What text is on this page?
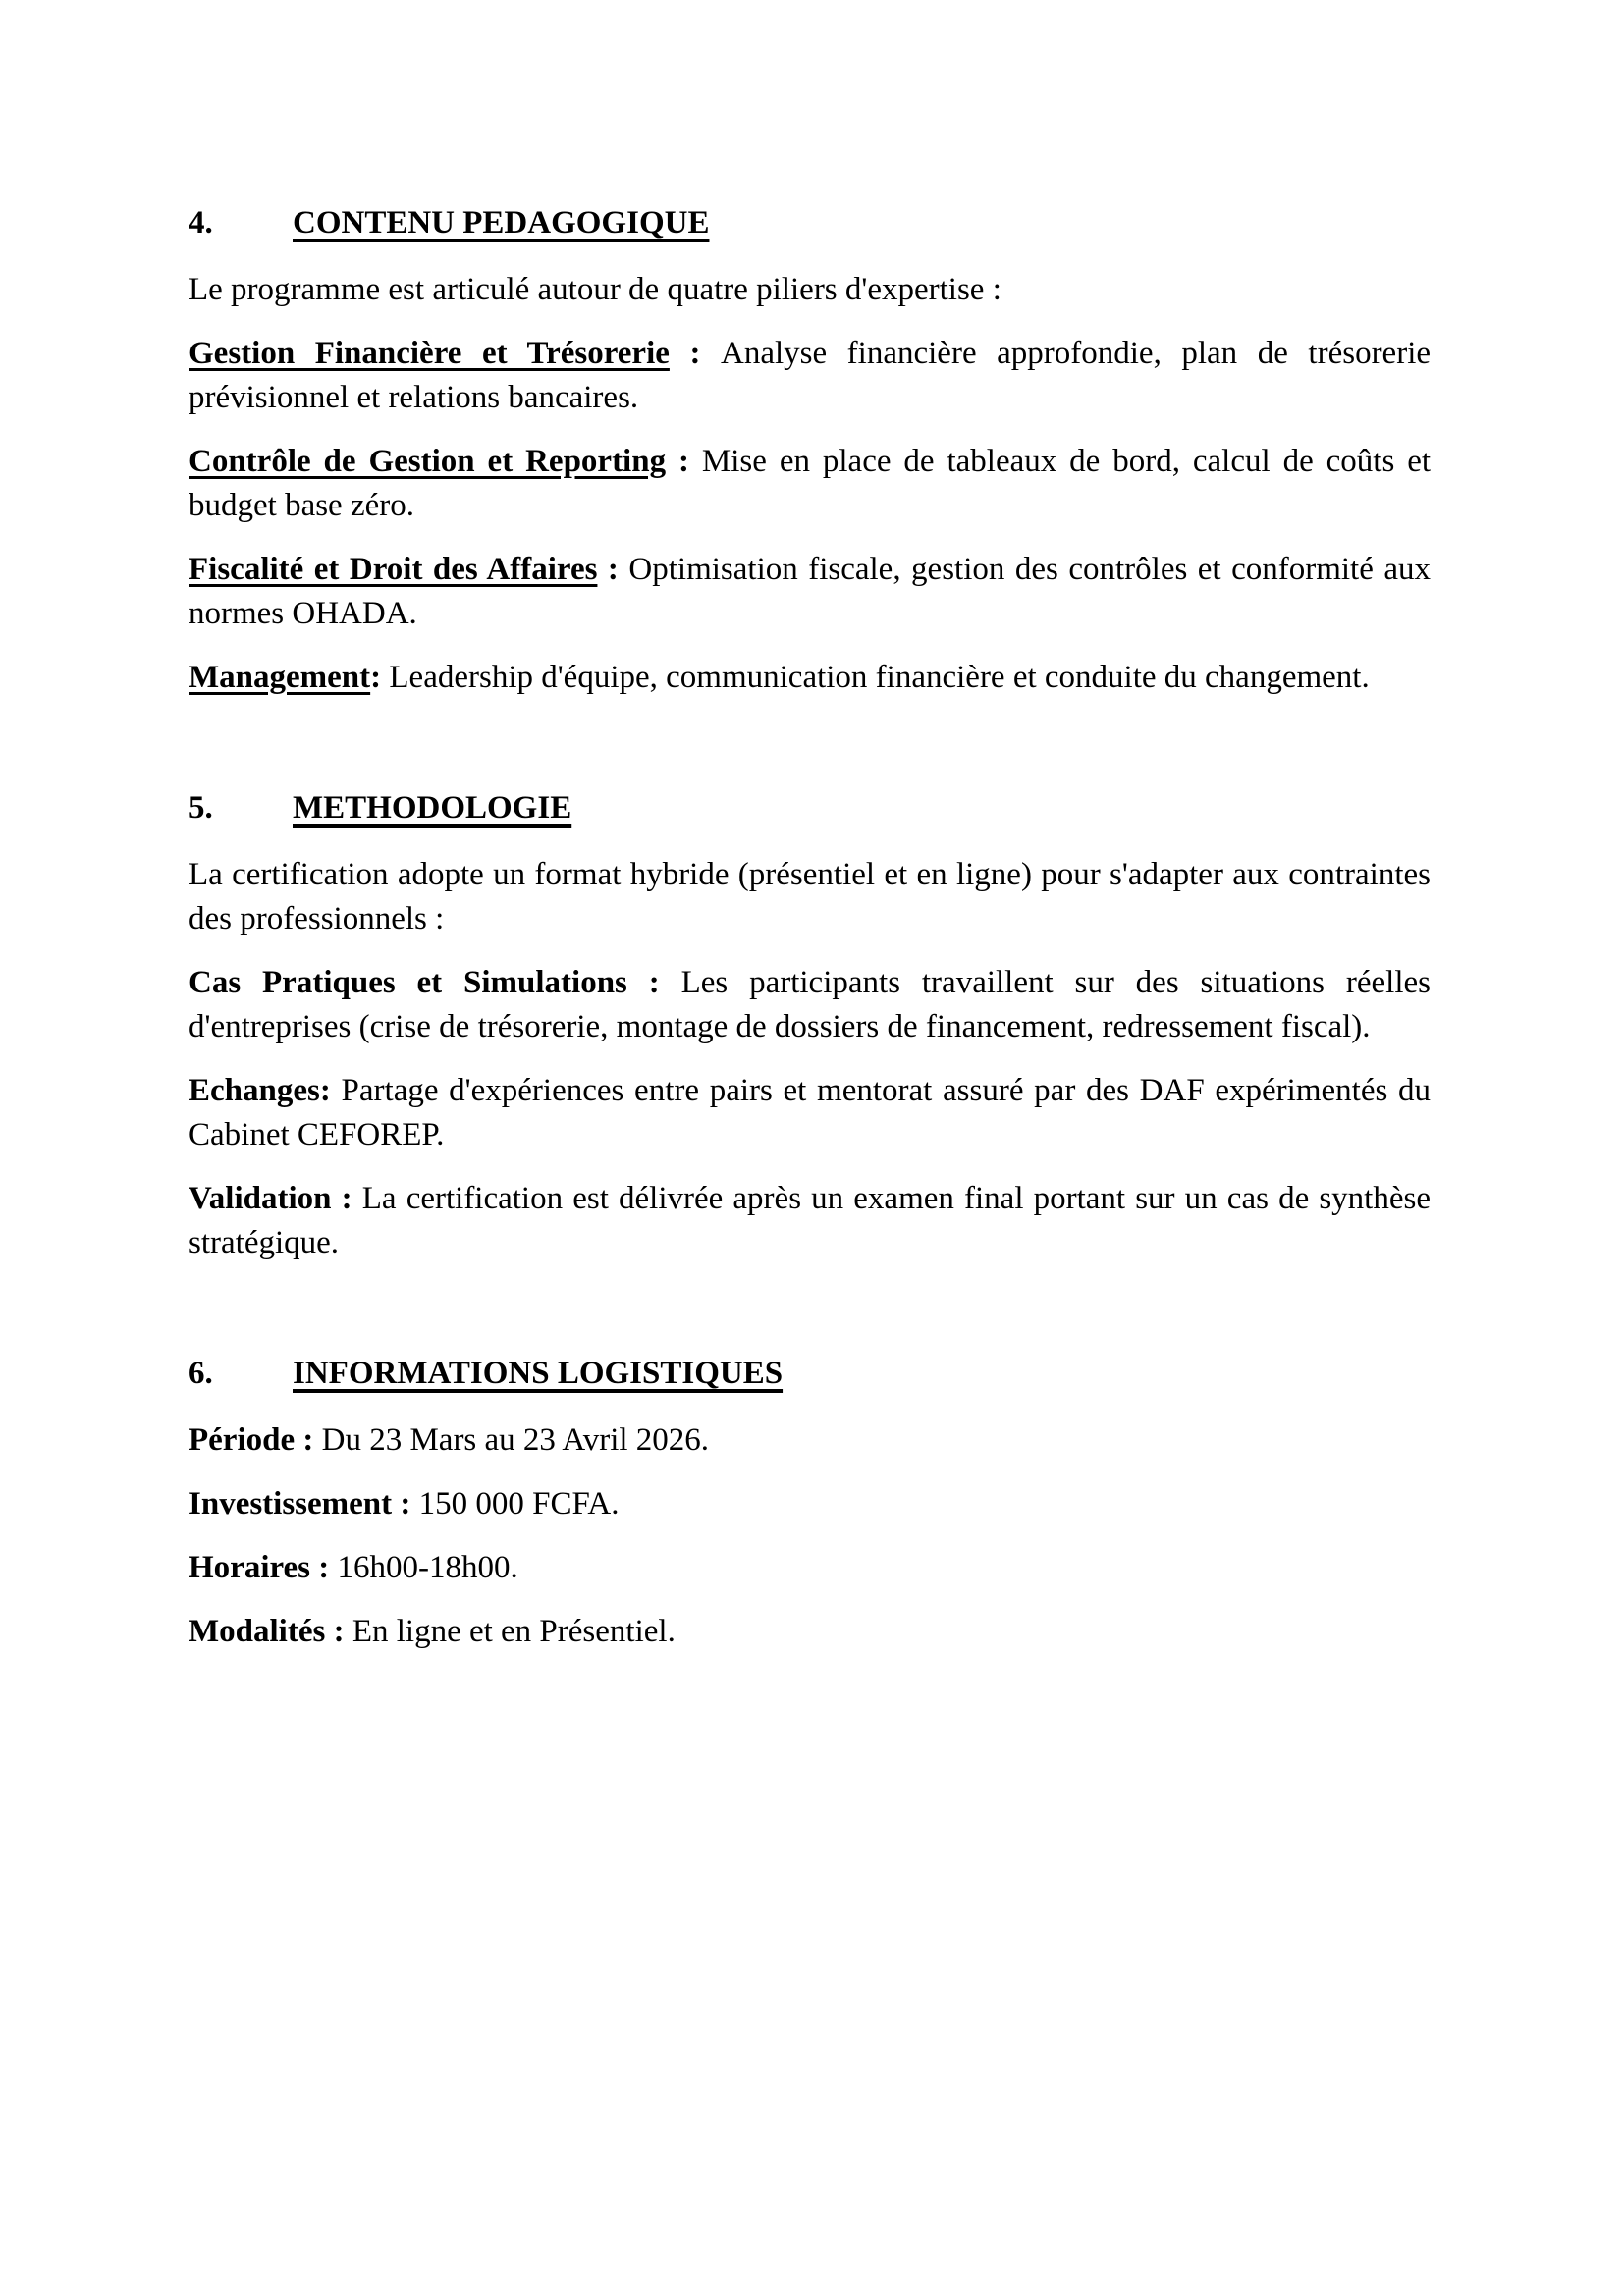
4. CONTENU PEDAGOGIQUE

Le programme est articulé autour de quatre piliers d'expertise :

Gestion Financière et Trésorerie : Analyse financière approfondie, plan de trésorerie prévisionnel et relations bancaires.

Contrôle de Gestion et Reporting : Mise en place de tableaux de bord, calcul de coûts et budget base zéro.

Fiscalité et Droit des Affaires : Optimisation fiscale, gestion des contrôles et conformité aux normes OHADA.

Management: Leadership d'équipe, communication financière et conduite du changement.

5. METHODOLOGIE

La certification adopte un format hybride (présentiel et en ligne) pour s'adapter aux contraintes des professionnels :

Cas Pratiques et Simulations : Les participants travaillent sur des situations réelles d'entreprises (crise de trésorerie, montage de dossiers de financement, redressement fiscal).

Echanges: Partage d'expériences entre pairs et mentorat assuré par des DAF expérimentés du Cabinet CEFOREP.

Validation : La certification est délivrée après un examen final portant sur un cas de synthèse stratégique.

6. INFORMATIONS LOGISTIQUES

Période : Du 23 Mars au 23 Avril 2026.

Investissement : 150 000 FCFA.

Horaires : 16h00-18h00.

Modalités : En ligne et en Présentiel.
